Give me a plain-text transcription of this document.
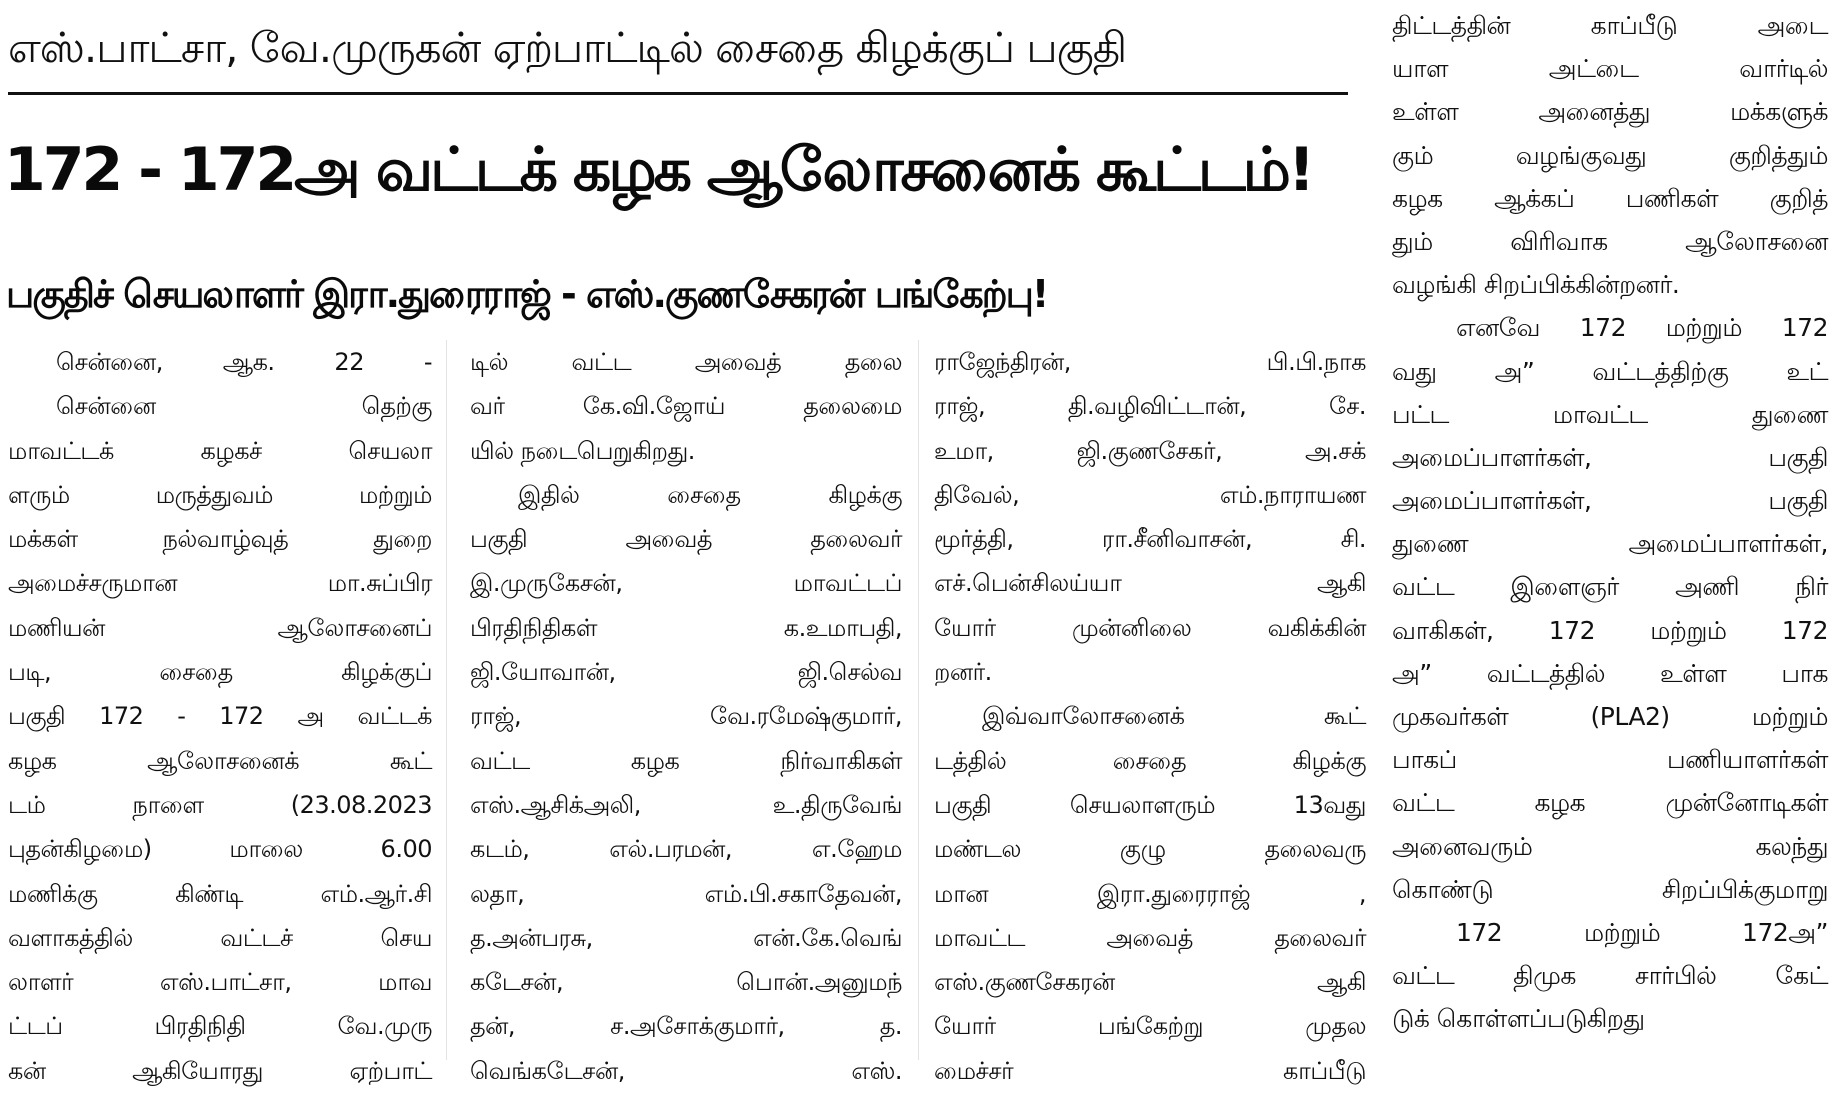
எஸ்.பாட்சா, வே.முருகன் ஏற்பாட்டில் சைதை கிழக்குப் பகுதி
172 - 172அ வட்டக் கழக ஆலோசனைக் கூட்டம்!
பகுதிச் செயலாளர் இரா.துரைராஜ் - எஸ்.குணசேகரன் பங்கேற்பு!
சென்னை, ஆக. 22 -
சென்னை தெற்கு
மாவட்டக் கழகச் செயலா
ளரும் மருத்துவம் மற்றும்
மக்கள் நல்வாழ்வுத் துறை
அமைச்சருமான மா.சுப்பிர
மணியன் ஆலோசனைப்
படி, சைதை கிழக்குப்
பகுதி 172 - 172 அ வட்டக்
கழக ஆலோசனைக் கூட்
டம் நாளை (23.08.2023
புதன்கிழமை) மாலை 6.00
மணிக்கு கிண்டி எம்.ஆர்.சி
வளாகத்தில் வட்டச் செய
லாளர் எஸ்.பாட்சா, மாவ
ட்டப் பிரதிநிதி வே.முரு
கன் ஆகியோரது ஏற்பாட்
டில் வட்ட அவைத் தலை
வர் கே.வி.ஜோய் தலைமை
யில் நடைபெறுகிறது.
இதில் சைதை கிழக்கு
பகுதி அவைத் தலைவர்
இ.முருகேசன், மாவட்டப்
பிரதிநிதிகள் க.உமாபதி,
ஜி.யோவான், ஜி.செல்வ
ராஜ், வே.ரமேஷ்குமார்,
வட்ட கழக நிர்வாகிகள்
எஸ்.ஆசிக்அலி, உ.திருவேங்
கடம், எல்.பரமன், எ.ஹேம
லதா, எம்.பி.சகாதேவன்,
த.அன்பரசு, என்.கே.வெங்
கடேசன், பொன்.அனுமந்
தன், ச.அசோக்குமார், த.
வெங்கடேசன், எஸ்.
ராஜேந்திரன், பி.பி.நாக
ராஜ், தி.வழிவிட்டான், சே.
உமா, ஜி.குணசேகர், அ.சக்
திவேல், எம்.நாராயண
மூர்த்தி, ரா.சீனிவாசன், சி.
எச்.பென்சிலய்யா ஆகி
யோர் முன்னிலை வகிக்கின்
றனர்.
இவ்வாலோசனைக் கூட்
டத்தில் சைதை கிழக்கு
பகுதி செயலாளரும் 13வது
மண்டல குழு தலைவரு
மான இரா.துரைராஜ் ,
மாவட்ட அவைத் தலைவர்
எஸ்.குணசேகரன் ஆகி
யோர் பங்கேற்று முதல
மைச்சர் காப்பீடு
திட்டத்தின் காப்பீடு அடை
யாள அட்டை வார்டில்
உள்ள அனைத்து மக்களுக்
கும் வழங்குவது குறித்தும்
கழக ஆக்கப் பணிகள் குறித்
தும் விரிவாக ஆலோசனை
வழங்கி சிறப்பிக்கின்றனர்.
எனவே 172 மற்றும் 172
வது அ” வட்டத்திற்கு உட்
பட்ட மாவட்ட துணை
அமைப்பாளர்கள், பகுதி
அமைப்பாளர்கள், பகுதி
துணை அமைப்பாளர்கள்,
வட்ட இளைஞர் அணி நிர்
வாகிகள், 172 மற்றும் 172
அ” வட்டத்தில் உள்ள பாக
முகவர்கள் (PLA2) மற்றும்
பாகப் பணியாளர்கள்
வட்ட கழக முன்னோடிகள்
அனைவரும் கலந்து
கொண்டு சிறப்பிக்குமாறு
172 மற்றும் 172அ”
வட்ட திமுக சார்பில் கேட்
டுக் கொள்ளப்படுகிறது
